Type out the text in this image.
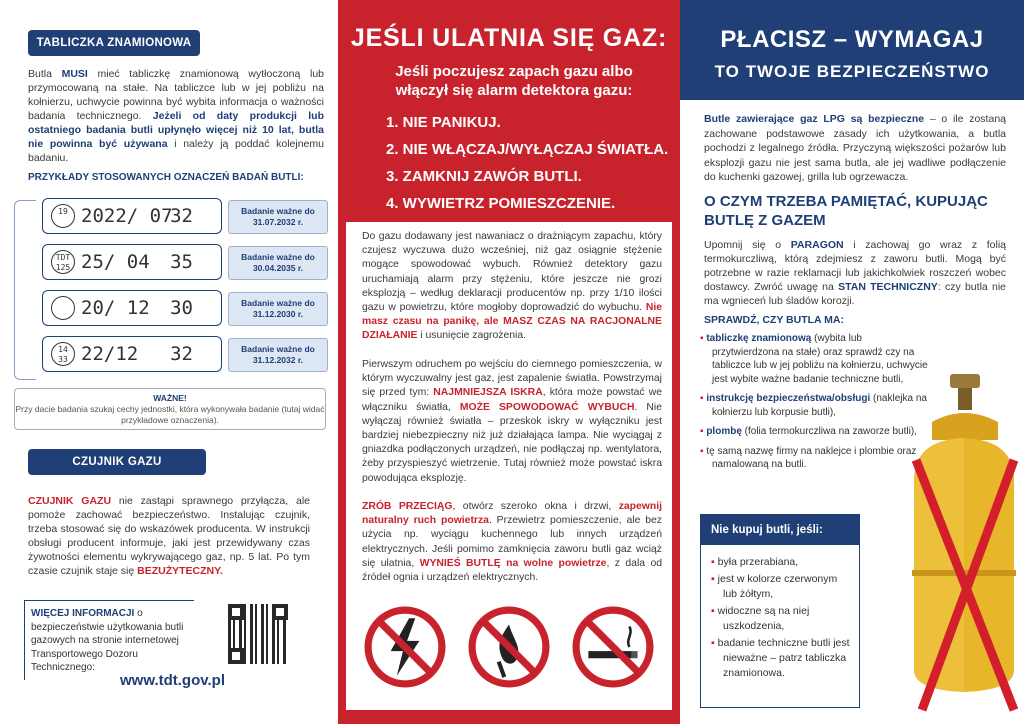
TABLICZKA ZNAMIONOWA
Butla MUSI mieć tabliczkę znamionową wytłoczoną lub przymocowaną na stałe. Na tabliczce lub w jej pobliżu na kołnierzu, uchwycie powinna być wybita informacja o ważności badania technicznego. Jeżeli od daty produkcji lub ostatniego badania butli upłynęło więcej niż 10 lat, butla nie powinna być używana i należy ją poddać kolejnemu badaniu.
PRZYKŁADY STOSOWANYCH OZNACZEŃ BADAŃ BUTLI:
19 2022/ 07
32	Badanie ważne do
31.07.2032 r.
TDT 125 25/ 04 35	Badanie ważne do
30.04.2035 r.
20/ 12 30	Badanie ważne do
31.12.2030 r.
14 33 22/12 32	Badanie ważne do
31.12.2032 r.
WAŻNE!
Przy dacie badania szukaj cechy jednostki, która wykonywała badanie (tutaj widać przykładowe oznaczenia).
CZUJNIK GAZU
CZUJNIK GAZU nie zastąpi sprawnego przyłącza, ale pomoże zachować bezpieczeństwo. Instalując czujnik, trzeba stosować się do wskazówek producenta. W instrukcji obsługi producent informuje, jaki jest przewidywany czas żywotności elementu wykrywającego gaz, np. 5 lat. Po tym czasie czujnik staje się BEZUŻYTECZNY.
WIĘCEJ INFORMACJI o bezpieczeństwie użytkowania butli gazowych na stronie internetowej Transportowego Dozoru Technicznego:
www.tdt.gov.pl
JEŚLI ULATNIA SIĘ GAZ:
Jeśli poczujesz zapach gazu albo włączył się alarm detektora gazu:
1. NIE PANIKUJ.
2. NIE WŁĄCZAJ/WYŁĄCZAJ ŚWIATŁA.
3. ZAMKNIJ ZAWÓR BUTLI.
4. WYWIETRZ POMIESZCZENIE.
Do gazu dodawany jest nawaniacz o drażniącym zapachu, który czujesz wyczuwa dużo wcześniej, niż gaz osiągnie stężenie mogące spowodować wybuch. Również detektory gazu uruchamiają alarm przy stężeniu, które jeszcze nie grozi eksplozją – według deklaracji producentów np. przy 1/10 ilości gazu w powietrzu, które mogłoby doprowadzić do wybuchu. Nie masz czasu na panikę, ale MASZ CZAS NA RACJONALNE DZIAŁANIE i usunięcie zagrożenia.
Pierwszym odruchem po wejściu do ciemnego pomieszczenia, w którym wyczuwalny jest gaz, jest zapalenie światła. Powstrzymaj się przed tym: NAJMNIEJSZA ISKRA, która może powstać we włączniku światła, MOŻE SPOWODOWAĆ WYBUCH. Nie wyłączaj również światła – przeskok iskry w wyłączniku jest bardziej niebezpieczny niż już działająca lampa. Nie wyciągaj z gniazdka podłączonych urządzeń, nie podłączaj np. wentylatora, żeby przyspieszyć wietrzenie. Tutaj również może powstać iskra powodująca eksplozję.
ZRÓB PRZECIĄG, otwórz szeroko okna i drzwi, zapewnij naturalny ruch powietrza. Przewietrz pomieszczenie, ale bez użycia np. wyciągu kuchennego lub innych urządzeń elektrycznych. Jeśli pomimo zamknięcia zaworu butli gaz wciąż się ulatnia, WYNIEŚ BUTLĘ na wolne powietrze, z dala od źródeł ognia i urządzeń elektrycznych.
PŁACISZ – WYMAGAJ
TO TWOJE BEZPIECZEŃSTWO
Butle zawierające gaz LPG są bezpieczne – o ile zostaną zachowane podstawowe zasady ich użytkowania, a butla pochodzi z legalnego źródła. Przyczyną większości pożarów lub eksplozji gazu nie jest sama butla, ale jej wadliwe podłączenie do kuchenki gazowej, grilla lub ogrzewacza.
O CZYM TRZEBA PAMIĘTAĆ, KUPUJĄC BUTLĘ Z GAZEM
Upomnij się o PARAGON i zachowaj go wraz z folią termokurczliwą, którą zdejmiesz z zaworu butli. Mogą być potrzebne w razie reklamacji lub jakichkolwiek roszczeń wobec dostawcy. Zwróć uwagę na STAN TECHNICZNY: czy butla nie ma wgnieceń lub śladów korozji.
SPRAWDŹ, CZY BUTLA MA:
▪ tabliczkę znamionową (wybita lub przytwierdzona na stałe) oraz sprawdź czy na tabliczce lub w jej pobliżu na kołnierzu, uchwycie jest wybite ważne badanie techniczne butli,
▪ instrukcję bezpieczeństwa/obsługi (naklejka na kołnierzu lub korpusie butli),
▪ plombę (folia termokurczliwa na zaworze butli),
▪ tę samą nazwę firmy na naklejce i plombie oraz namalowaną na butli.
Nie kupuj butli, jeśli:
▪ była przerabiana,
▪ jest w kolorze czerwonym lub żółtym,
▪ widoczne są na niej uszkodzenia,
▪ badanie techniczne butli jest nieważne – patrz tabliczka znamionowa.
